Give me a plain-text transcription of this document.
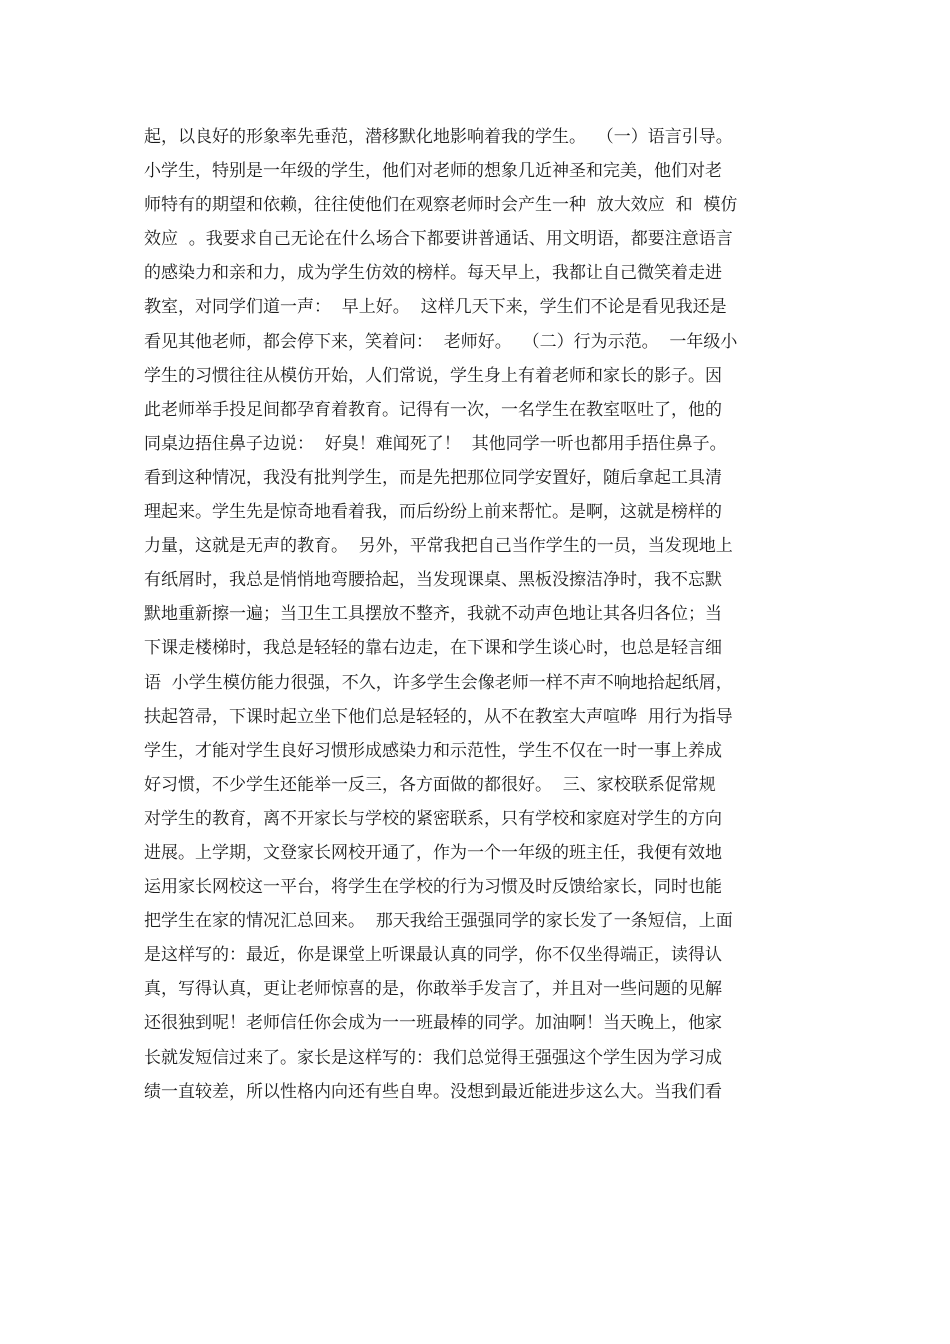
起，以良好的形象率先垂范，潜移默化地影响着我的学生。  （一）语言引导。
小学生，特别是一年级的学生，他们对老师的想象几近神圣和完美，他们对老
师特有的期望和依赖，往往使他们在观察老师时会产生一种  放大效应  和  模仿
效应  。我要求自己无论在什么场合下都要讲普通话、用文明语，都要注意语言
的感染力和亲和力，成为学生仿效的榜样。每天早上，我都让自己微笑着走进
教室，对同学们道一声：  早上好。  这样几天下来，学生们不论是看见我还是
看见其他老师，都会停下来，笑着问：  老师好。  （二）行为示范。  一年级小
学生的习惯往往从模仿开始，人们常说，学生身上有着老师和家长的影子。因
此老师举手投足间都孕育着教育。记得有一次，一名学生在教室呕吐了，他的
同桌边捂住鼻子边说：  好臭！难闻死了！  其他同学一听也都用手捂住鼻子。
看到这种情况，我没有批判学生，而是先把那位同学安置好，随后拿起工具清
理起来。学生先是惊奇地看着我，而后纷纷上前来帮忙。是啊，这就是榜样的
力量，这就是无声的教育。  另外，平常我把自己当作学生的一员，当发现地上
有纸屑时，我总是悄悄地弯腰拾起，当发现课桌、黑板没擦洁净时，我不忘默
默地重新擦一遍；当卫生工具摆放不整齐，我就不动声色地让其各归各位；当
下课走楼梯时，我总是轻轻的靠右边走，在下课和学生谈心时，也总是轻言细
语  小学生模仿能力很强，不久，许多学生会像老师一样不声不响地拾起纸屑，
扶起笤帚，下课时起立坐下他们总是轻轻的，从不在教室大声喧哗  用行为指导
学生，才能对学生良好习惯形成感染力和示范性，学生不仅在一时一事上养成
好习惯，不少学生还能举一反三，各方面做的都很好。  三、家校联系促常规
对学生的教育，离不开家长与学校的紧密联系，只有学校和家庭对学生的方向
进展。上学期，文登家长网校开通了，作为一个一年级的班主任，我便有效地
运用家长网校这一平台，将学生在学校的行为习惯及时反馈给家长，同时也能
把学生在家的情况汇总回来。  那天我给王强强同学的家长发了一条短信，上面
是这样写的：最近，你是课堂上听课最认真的同学，你不仅坐得端正，读得认
真，写得认真，更让老师惊喜的是，你敢举手发言了，并且对一些问题的见解
还很独到呢！老师信任你会成为一一班最棒的同学。加油啊！当天晚上，他家
长就发短信过来了。家长是这样写的：我们总觉得王强强这个学生因为学习成
绩一直较差，所以性格内向还有些自卑。没想到最近能进步这么大。当我们看
